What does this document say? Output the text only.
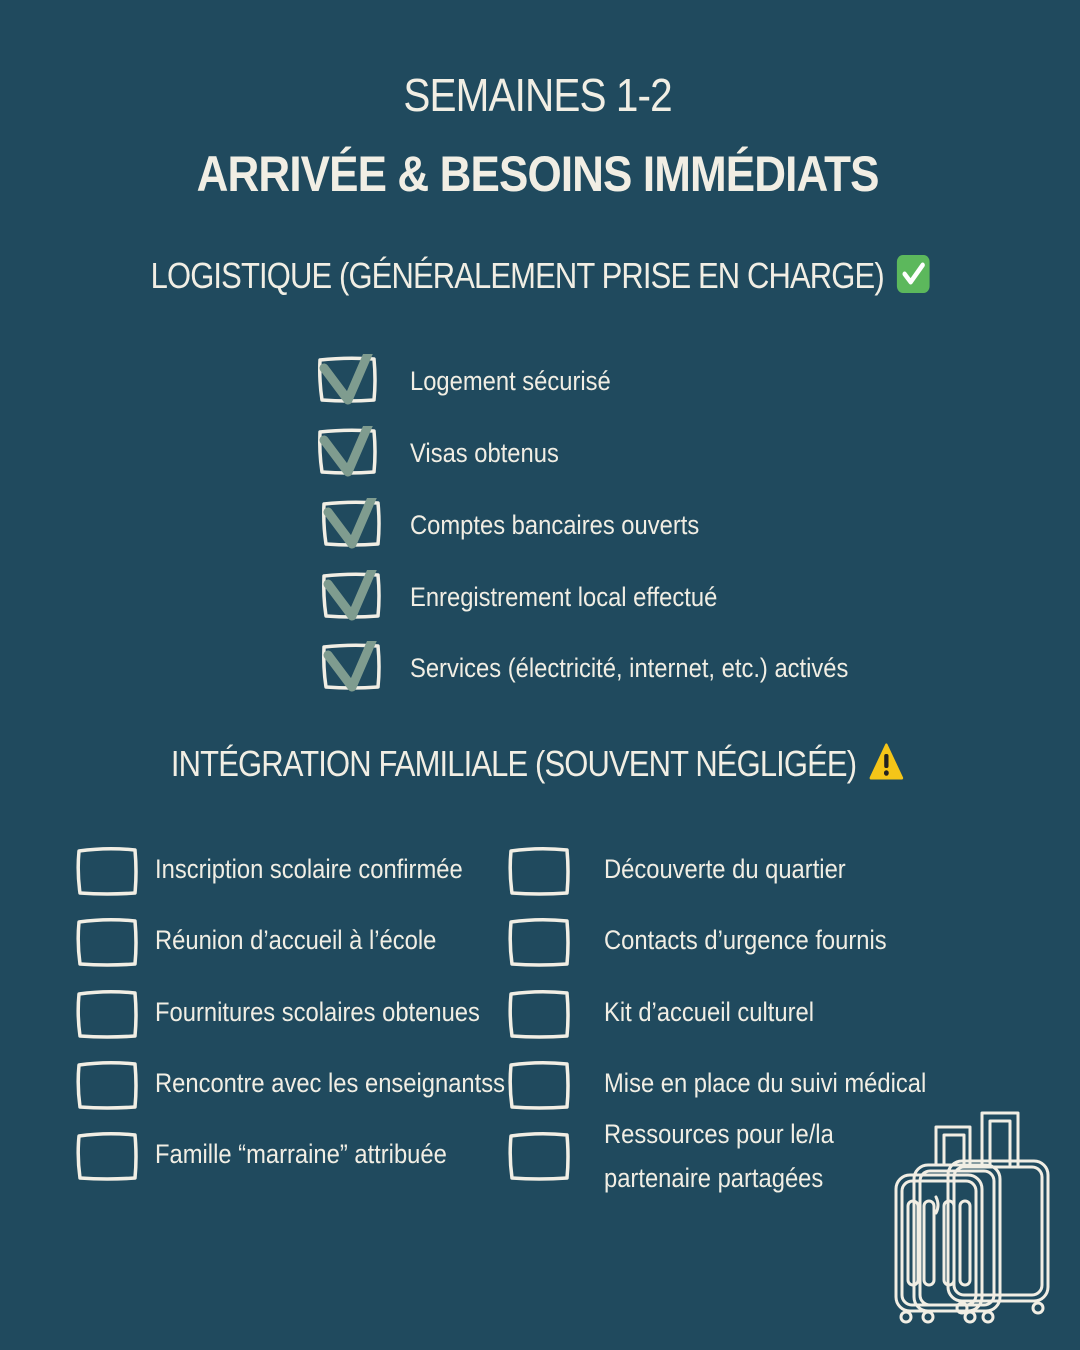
SEMAINES 1-2
ARRIVÉE & BESOINS IMMÉDIATS
LOGISTIQUE (GÉNÉRALEMENT PRISE EN CHARGE)
Logement sécurisé
Visas obtenus
Comptes bancaires ouverts
Enregistrement local effectué
Services (électricité, internet, etc.) activés
INTÉGRATION FAMILIALE (SOUVENT NÉGLIGÉE)
Inscription scolaire confirmée
Réunion d’accueil à l’école
Fournitures scolaires obtenues
Rencontre avec les enseignantss
Famille “marraine” attribuée
Découverte du quartier
Contacts d’urgence fournis
Kit d’accueil culturel
Mise en place du suivi médical
Ressources pour le/la
partenaire partagées
